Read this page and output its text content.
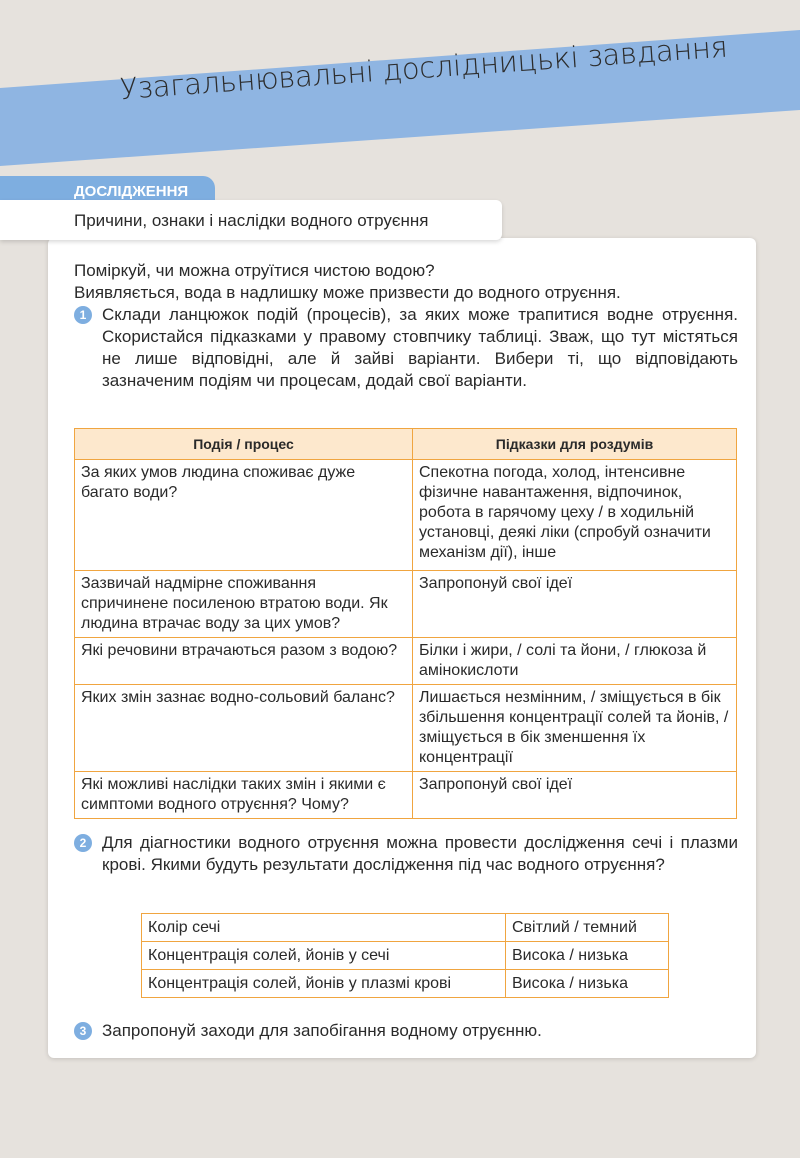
Узагальнювальні дослідницькі завдання
ДОСЛІДЖЕННЯ
Причини, ознаки і наслідки водного отруєння
Поміркуй, чи можна отруїтися чистою водою?
Виявляється, вода в надлишку може призвести до водного отруєння.
1 Склади ланцюжок подій (процесів), за яких може трапитися водне отруєння. Скористайся підказками у правому стовпчику таблиці. Зваж, що тут містяться не лише відповідні, але й зайві варіанти. Вибери ті, що відповідають зазначеним подіям чи процесам, додай свої варіанти.
Подія / процес	Підказки для роздумів
За яких умов людина споживає дуже багато води?	Спекотна погода, холод, інтенсивне фізичне навантаження, відпочинок, робота в гарячому цеху / в ходильній установці, деякі ліки (спробуй означити механізм дії), інше
Зазвичай надмірне споживання спричинене посиленою втратою води. Як людина втрачає воду за цих умов?	Запропонуй свої ідеї
Які речовини втрачаються разом з водою?	Білки і жири, / солі та йони, / глюкоза й амінокислоти
Яких змін зазнає водно-сольовий баланс?	Лишається незмінним, / зміщується в бік збільшення концентрації солей та йонів, / зміщується в бік зменшення їх концентрації
Які можливі наслідки таких змін і якими є симптоми водного отруєння? Чому?	Запропонуй свої ідеї
2 Для діагностики водного отруєння можна провести дослідження сечі і плазми крові. Якими будуть результати дослідження під час водного отруєння?
Колір сечі	Світлий / темний
Концентрація солей, йонів у сечі	Висока / низька
Концентрація солей, йонів у плазмі крові	Висока / низька
3 Запропонуй заходи для запобігання водному отруєнню.
